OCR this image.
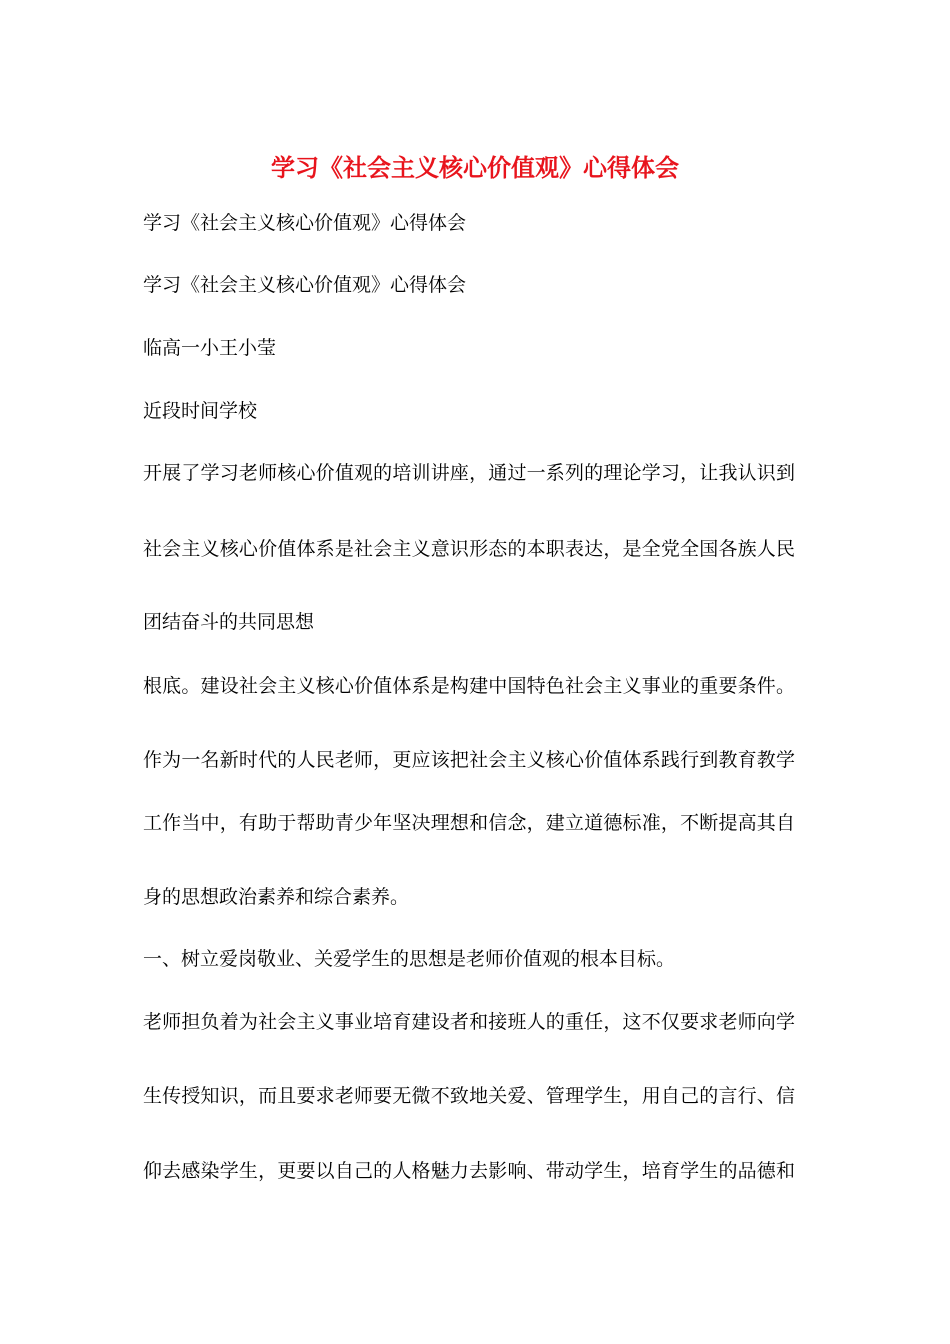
学习《社会主义核心价值观》心得体会
学习《社会主义核心价值观》心得体会
学习《社会主义核心价值观》心得体会
临高一小王小莹
近段时间学校
开展了学习老师核心价值观的培训讲座，通过一系列的理论学习，让我认识到
社会主义核心价值体系是社会主义意识形态的本职表达，是全党全国各族人民
团结奋斗的共同思想
根底。建设社会主义核心价值体系是构建中国特色社会主义事业的重要条件。
作为一名新时代的人民老师，更应该把社会主义核心价值体系践行到教育教学
工作当中，有助于帮助青少年坚决理想和信念，建立道德标准，不断提高其自
身的思想政治素养和综合素养。
一、树立爱岗敬业、关爱学生的思想是老师价值观的根本目标。
老师担负着为社会主义事业培育建设者和接班人的重任，这不仅要求老师向学
生传授知识，而且要求老师要无微不致地关爱、管理学生，用自己的言行、信
仰去感染学生，更要以自己的人格魅力去影响、带动学生，培育学生的品德和
